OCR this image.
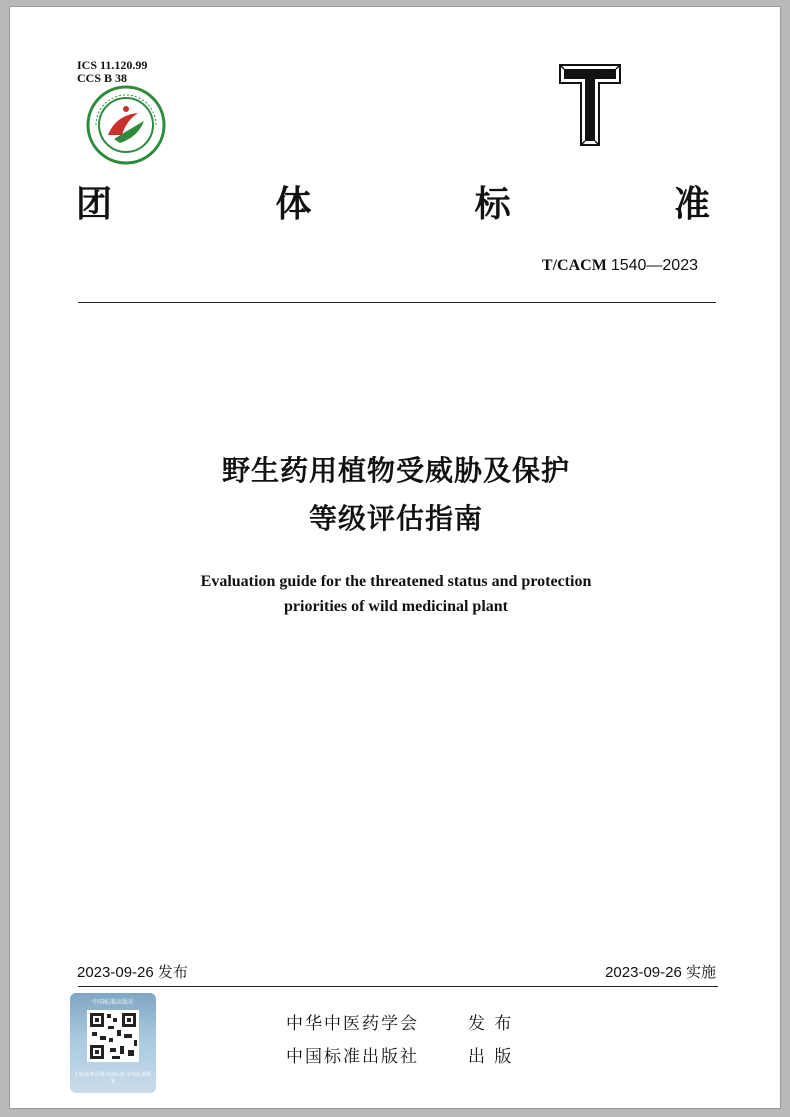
ICS 11.120.99
CCS B 38
团	体	标	准
T/CACM 1540—2023
野生药用植物受威胁及保护
等级评估指南
Evaluation guide for the threatened status and protection
priorities of wild medicinal plant
2023-09-26 发布	2023-09-26 实施
中国标准出版社
扫码免费注册中国标准 享受标准服务
中华中医药学会	发 布
中国标准出版社	出 版
